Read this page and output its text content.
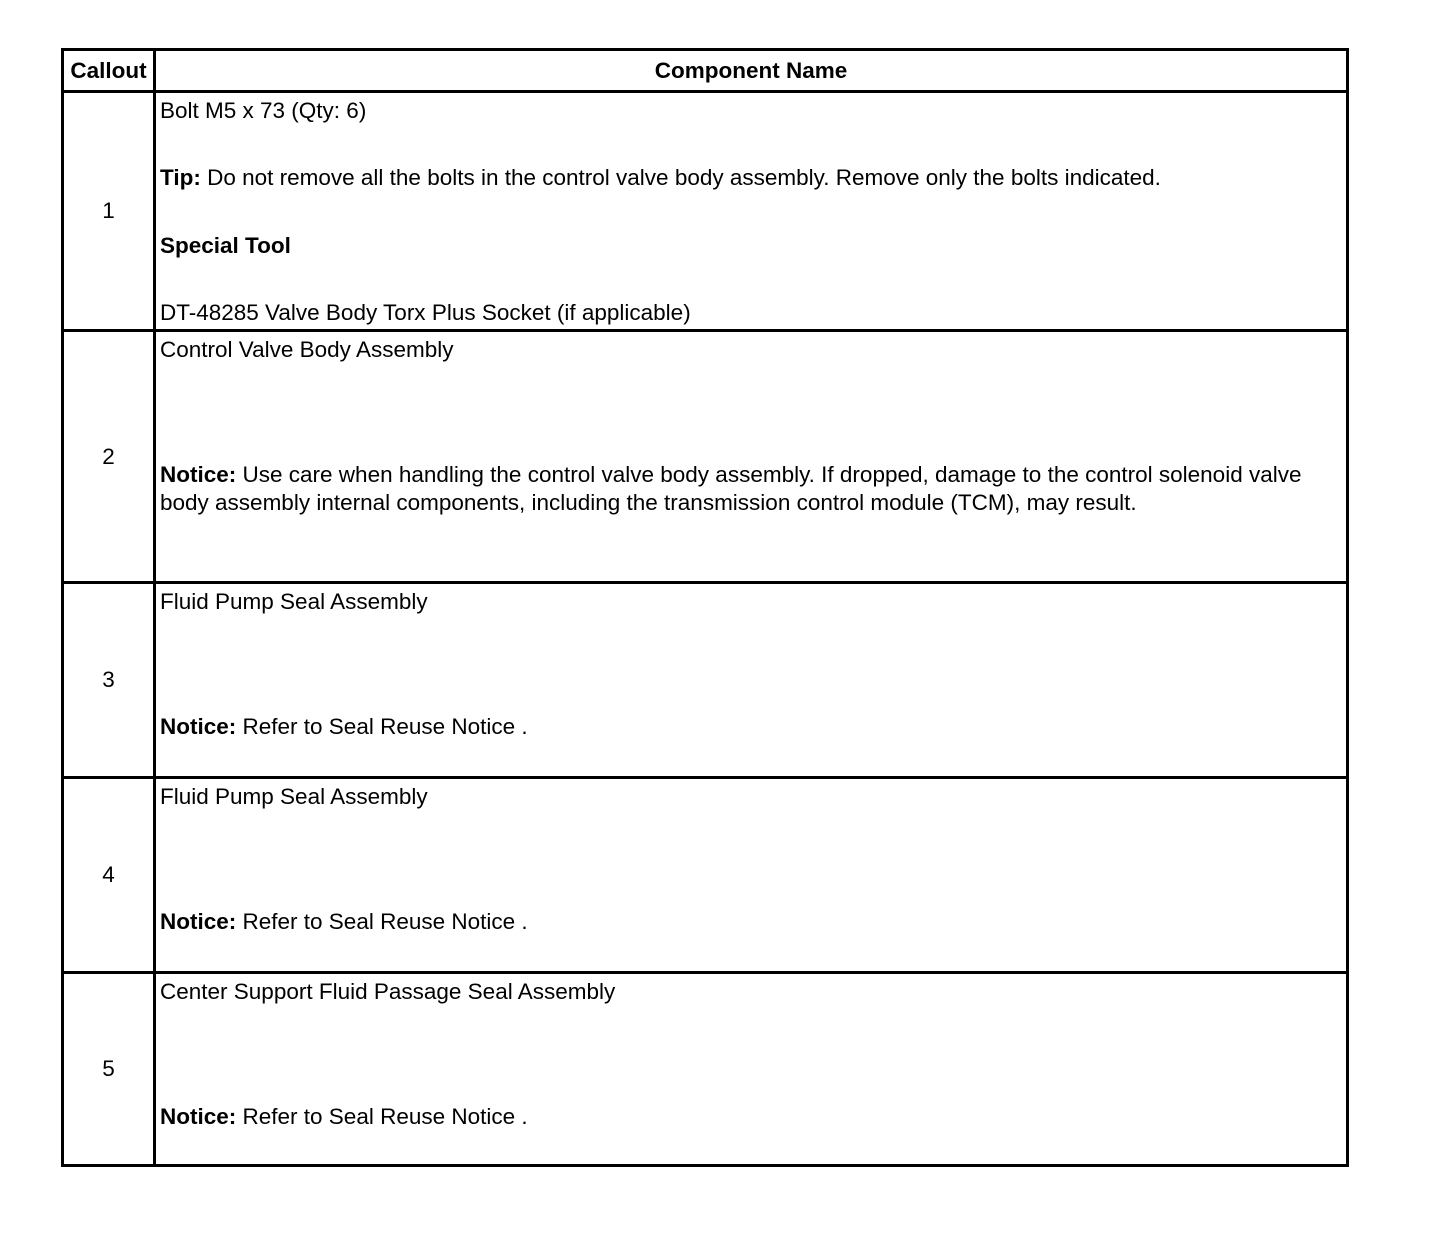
Callout	Component Name
1	Bolt M5 x 73 (Qty: 6)
Tip: Do not remove all the bolts in the control valve body assembly. Remove only the bolts indicated.
Special Tool
DT-48285 Valve Body Torx Plus Socket (if applicable)

2	Control Valve Body Assembly
Notice: Use care when handling the control valve body assembly. If dropped, damage to the control solenoid valve body assembly internal components, including the transmission control module (TCM), may result.

3	Fluid Pump Seal Assembly
Notice: Refer to Seal Reuse Notice .

4	Fluid Pump Seal Assembly
Notice: Refer to Seal Reuse Notice .

5	Center Support Fluid Passage Seal Assembly
Notice: Refer to Seal Reuse Notice .
